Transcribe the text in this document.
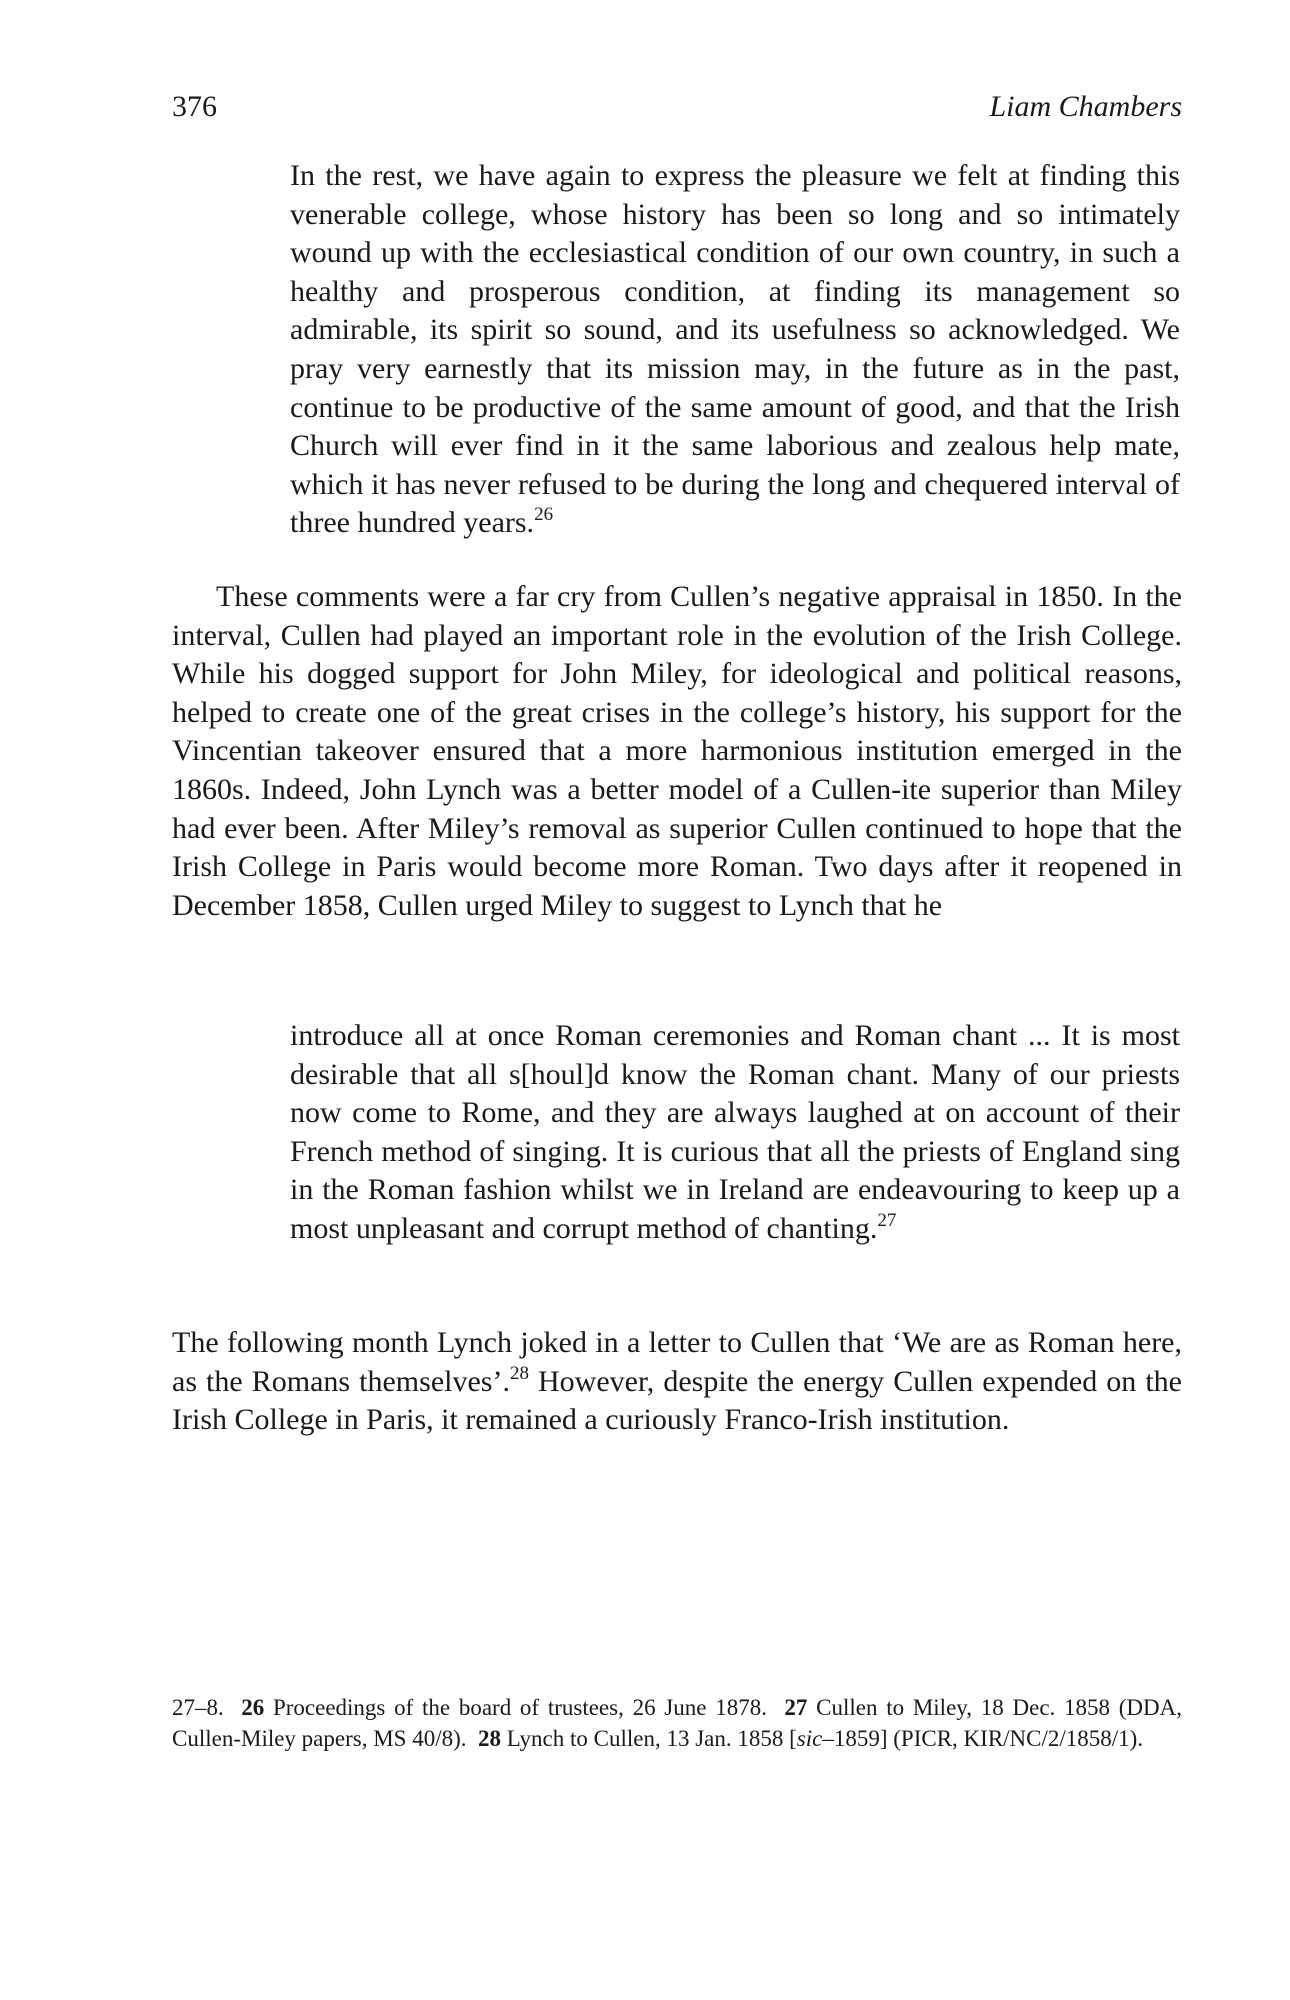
376	Liam Chambers

In the rest, we have again to express the pleasure we felt at finding this venerable college, whose history has been so long and so intimately wound up with the ecclesiastical condition of our own country, in such a healthy and prosperous condition, at finding its management so admirable, its spirit so sound, and its usefulness so acknowledged. We pray very earnestly that its mission may, in the future as in the past, continue to be productive of the same amount of good, and that the Irish Church will ever find in it the same laborious and zealous help mate, which it has never refused to be during the long and chequered interval of three hundred years.$^{26}$

These comments were a far cry from Cullen’s negative appraisal in 1850. In the interval, Cullen had played an important role in the evolution of the Irish College. While his dogged support for John Miley, for ideological and political reasons, helped to create one of the great crises in the college’s history, his support for the Vincentian takeover ensured that a more harmonious institution emerged in the 1860s. Indeed, John Lynch was a better model of a Cullen-ite superior than Miley had ever been. After Miley’s removal as superior Cullen continued to hope that the Irish College in Paris would become more Roman. Two days after it reopened in December 1858, Cullen urged Miley to suggest to Lynch that he

introduce all at once Roman ceremonies and Roman chant ... It is most desirable that all s[houl]d know the Roman chant. Many of our priests now come to Rome, and they are always laughed at on account of their French method of singing. It is curious that all the priests of England sing in the Roman fashion whilst we in Ireland are endeavouring to keep up a most unpleasant and corrupt method of chanting.$^{27}$

The following month Lynch joked in a letter to Cullen that ‘We are as Roman here, as the Romans themselves’.$^{28}$ However, despite the energy Cullen expended on the Irish College in Paris, it remained a curiously Franco-Irish institution.

27–8. 26 Proceedings of the board of trustees, 26 June 1878. 27 Cullen to Miley, 18 Dec. 1858 (DDA, Cullen-Miley papers, MS 40/8). 28 Lynch to Cullen, 13 Jan. 1858 [sic–1859] (PICR, KIR/NC/2/1858/1).
